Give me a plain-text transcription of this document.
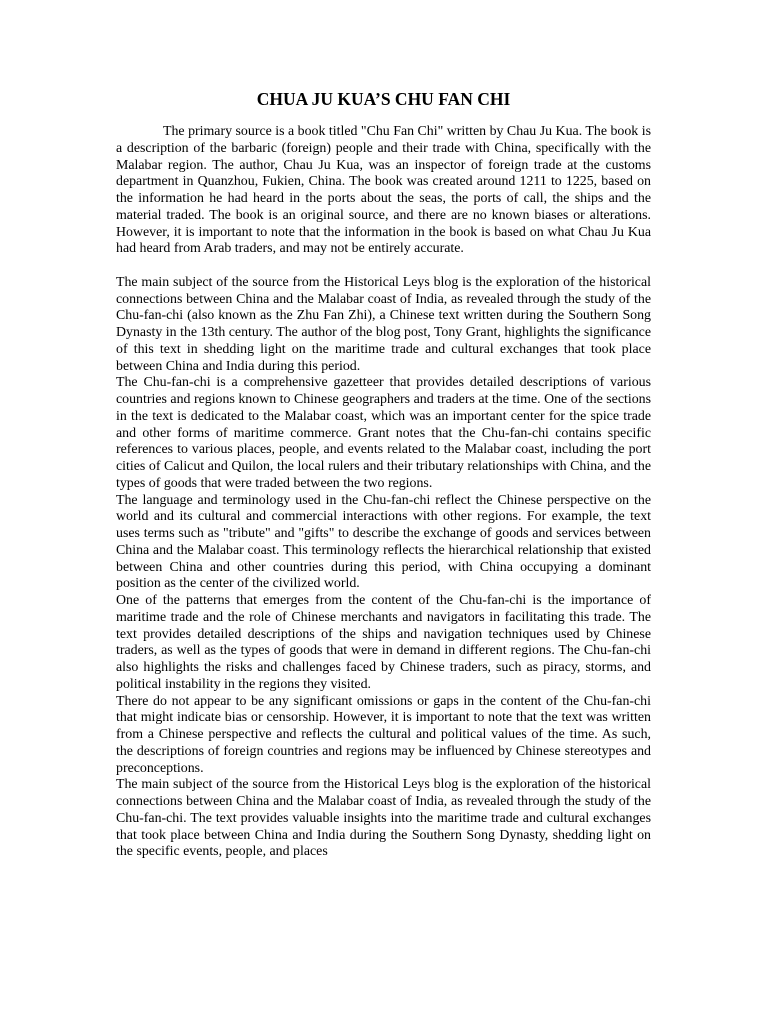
CHUA JU KUA’S CHU FAN CHI

The primary source is a book titled "Chu Fan Chi" written by Chau Ju Kua. The book is a description of the barbaric (foreign) people and their trade with China, specifically with the Malabar region. The author, Chau Ju Kua, was an inspector of foreign trade at the customs department in Quanzhou, Fukien, China. The book was created around 1211 to 1225, based on the information he had heard in the ports about the seas, the ports of call, the ships and the material traded. The book is an original source, and there are no known biases or alterations. However, it is important to note that the information in the book is based on what Chau Ju Kua had heard from Arab traders, and may not be entirely accurate.

The main subject of the source from the Historical Leys blog is the exploration of the historical connections between China and the Malabar coast of India, as revealed through the study of the Chu-fan-chi (also known as the Zhu Fan Zhi), a Chinese text written during the Southern Song Dynasty in the 13th century. The author of the blog post, Tony Grant, highlights the significance of this text in shedding light on the maritime trade and cultural exchanges that took place between China and India during this period.

The Chu-fan-chi is a comprehensive gazetteer that provides detailed descriptions of various countries and regions known to Chinese geographers and traders at the time. One of the sections in the text is dedicated to the Malabar coast, which was an important center for the spice trade and other forms of maritime commerce. Grant notes that the Chu-fan-chi contains specific references to various places, people, and events related to the Malabar coast, including the port cities of Calicut and Quilon, the local rulers and their tributary relationships with China, and the types of goods that were traded between the two regions.

The language and terminology used in the Chu-fan-chi reflect the Chinese perspective on the world and its cultural and commercial interactions with other regions. For example, the text uses terms such as "tribute" and "gifts" to describe the exchange of goods and services between China and the Malabar coast. This terminology reflects the hierarchical relationship that existed between China and other countries during this period, with China occupying a dominant position as the center of the civilized world.

One of the patterns that emerges from the content of the Chu-fan-chi is the importance of maritime trade and the role of Chinese merchants and navigators in facilitating this trade. The text provides detailed descriptions of the ships and navigation techniques used by Chinese traders, as well as the types of goods that were in demand in different regions. The Chu-fan-chi also highlights the risks and challenges faced by Chinese traders, such as piracy, storms, and political instability in the regions they visited.

There do not appear to be any significant omissions or gaps in the content of the Chu-fan-chi that might indicate bias or censorship. However, it is important to note that the text was written from a Chinese perspective and reflects the cultural and political values of the time. As such, the descriptions of foreign countries and regions may be influenced by Chinese stereotypes and preconceptions.

The main subject of the source from the Historical Leys blog is the exploration of the historical connections between China and the Malabar coast of India, as revealed through the study of the Chu-fan-chi. The text provides valuable insights into the maritime trade and cultural exchanges that took place between China and India during the Southern Song Dynasty, shedding light on the specific events, people, and places
